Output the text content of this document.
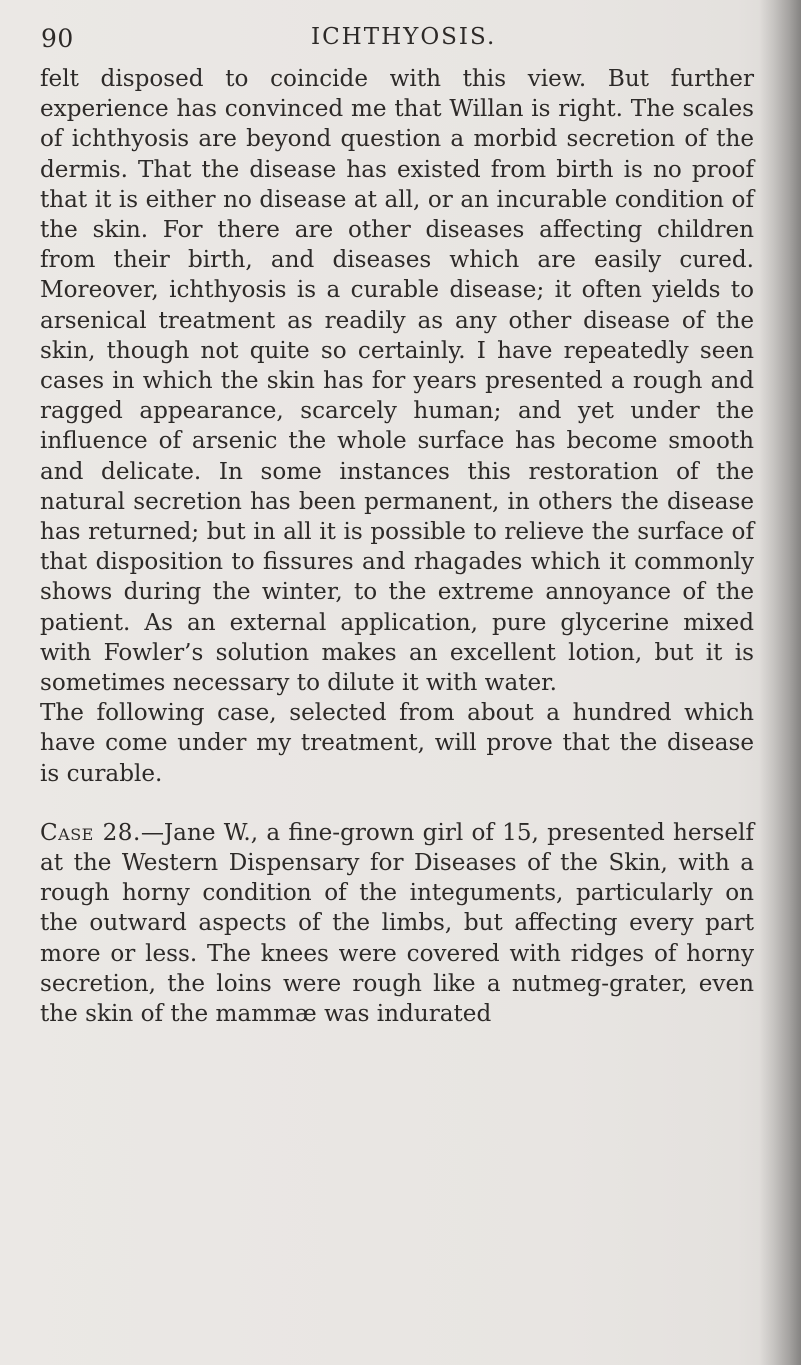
90	ICHTHYOSIS.

felt disposed to coincide with this view. But further experience has convinced me that Willan is right. The scales of ichthyosis are beyond question a morbid secretion of the dermis. That the disease has existed from birth is no proof that it is either no disease at all, or an incurable condition of the skin. For there are other diseases affecting children from their birth, and diseases which are easily cured. Moreover, ichthyosis is a curable disease; it often yields to arsenical treatment as readily as any other disease of the skin, though not quite so certainly. I have repeatedly seen cases in which the skin has for years presented a rough and ragged appearance, scarcely human; and yet under the influence of arsenic the whole surface has become smooth and delicate. In some instances this restoration of the natural secretion has been permanent, in others the disease has returned; but in all it is possible to relieve the surface of that disposition to fissures and rhagades which it commonly shows during the winter, to the extreme annoyance of the patient. As an external application, pure glycerine mixed with Fowler’s solution makes an excellent lotion, but it is sometimes necessary to dilute it with water.

The following case, selected from about a hundred which have come under my treatment, will prove that the disease is curable.

Case 28.—Jane W., a fine-grown girl of 15, presented herself at the Western Dispensary for Diseases of the Skin, with a rough horny condition of the integuments, particularly on the outward aspects of the limbs, but affecting every part more or less. The knees were covered with ridges of horny secretion, the loins were rough like a nutmeg-grater, even the skin of the mammæ was indurated
